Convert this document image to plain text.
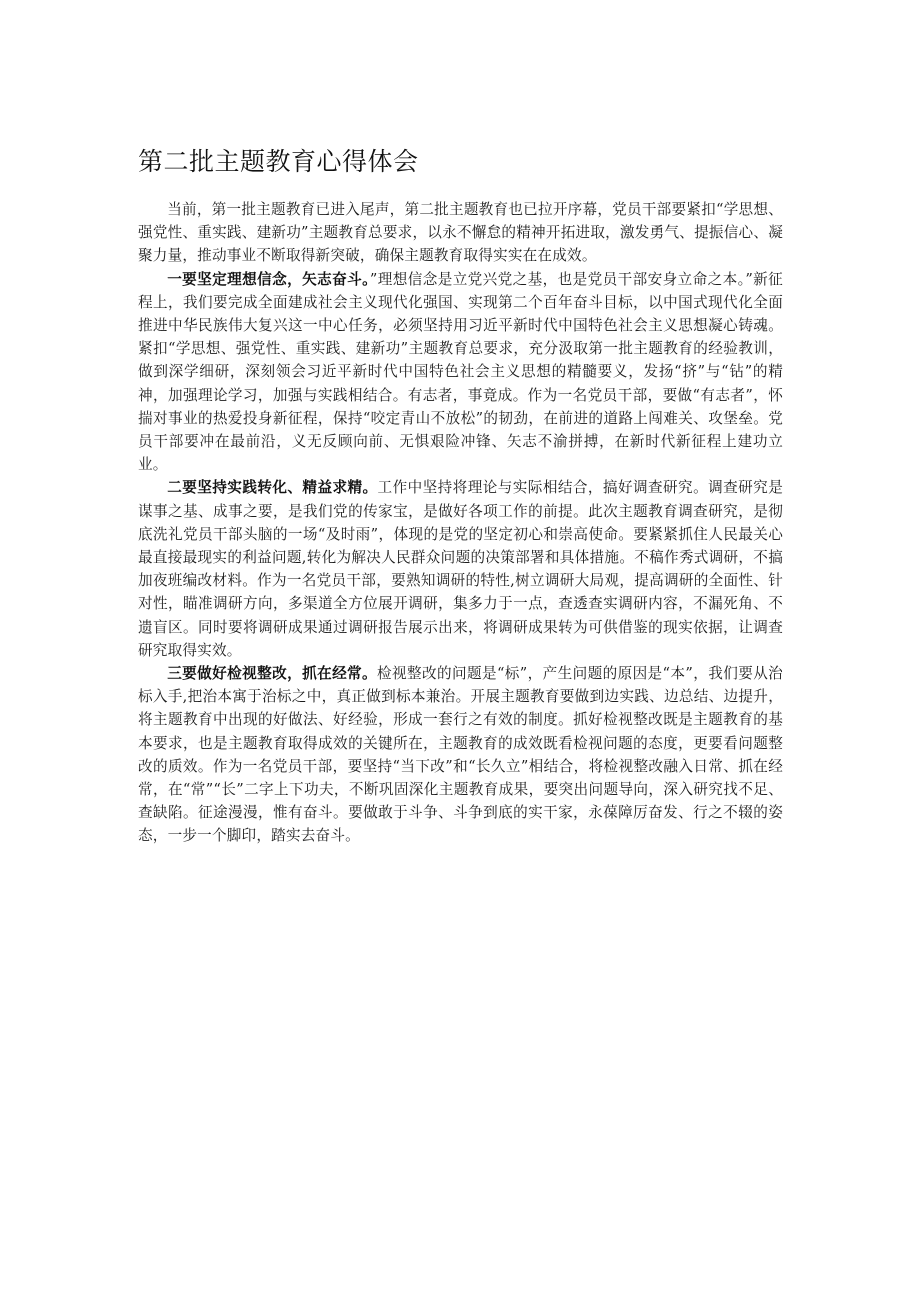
第二批主题教育心得体会

当前，第一批主题教育已进入尾声，第二批主题教育也已拉开序幕，党员干部要紧扣“学思想、强党性、重实践、建新功”主题教育总要求，以永不懈怠的精神开拓进取，激发勇气、提振信心、凝聚力量，推动事业不断取得新突破，确保主题教育取得实实在在成效。

一要坚定理想信念，矢志奋斗。”理想信念是立党兴党之基，也是党员干部安身立命之本。”新征程上，我们要完成全面建成社会主义现代化强国、实现第二个百年奋斗目标，以中国式现代化全面推进中华民族伟大复兴这一中心任务，必须坚持用习近平新时代中国特色社会主义思想凝心铸魂。紧扣“学思想、强党性、重实践、建新功”主题教育总要求，充分汲取第一批主题教育的经验教训，做到深学细研，深刻领会习近平新时代中国特色社会主义思想的精髓要义，发扬“挤”与“钻”的精神，加强理论学习，加强与实践相结合。有志者，事竟成。作为一名党员干部，要做“有志者”，怀揣对事业的热爱投身新征程，保持“咬定青山不放松”的韧劲，在前进的道路上闯难关、攻堡垒。党员干部要冲在最前沿，义无反顾向前、无惧艰险冲锋、矢志不渝拼搏，在新时代新征程上建功立业。

二要坚持实践转化、精益求精。工作中坚持将理论与实际相结合，搞好调查研究。调查研究是谋事之基、成事之要，是我们党的传家宝，是做好各项工作的前提。此次主题教育调查研究，是彻底洗礼党员干部头脑的一场“及时雨”，体现的是党的坚定初心和崇高使命。要紧紧抓住人民最关心最直接最现实的利益问题,转化为解决人民群众问题的决策部署和具体措施。不稿作秀式调研，不搞加夜班编改材料。作为一名党员干部，要熟知调研的特性,树立调研大局观，提高调研的全面性、针对性，瞄准调研方向，多渠道全方位展开调研，集多力于一点，查透查实调研内容，不漏死角、不遗盲区。同时要将调研成果通过调研报告展示出来，将调研成果转为可供借鉴的现实依据，让调查研究取得实效。

三要做好检视整改，抓在经常。检视整改的问题是“标”，产生问题的原因是“本”，我们要从治标入手,把治本寓于治标之中，真正做到标本兼治。开展主题教育要做到边实践、边总结、边提升，将主题教育中出现的好做法、好经验，形成一套行之有效的制度。抓好检视整改既是主题教育的基本要求，也是主题教育取得成效的关键所在，主题教育的成效既看检视问题的态度，更要看问题整改的质效。作为一名党员干部，要坚持“当下改”和“长久立”相结合，将检视整改融入日常、抓在经常，在“常”“长”二字上下功夫，不断巩固深化主题教育成果，要突出问题导向，深入研究找不足、查缺陷。征途漫漫，惟有奋斗。要做敢于斗争、斗争到底的实干家，永葆障厉奋发、行之不辍的姿态，一步一个脚印，踏实去奋斗。
